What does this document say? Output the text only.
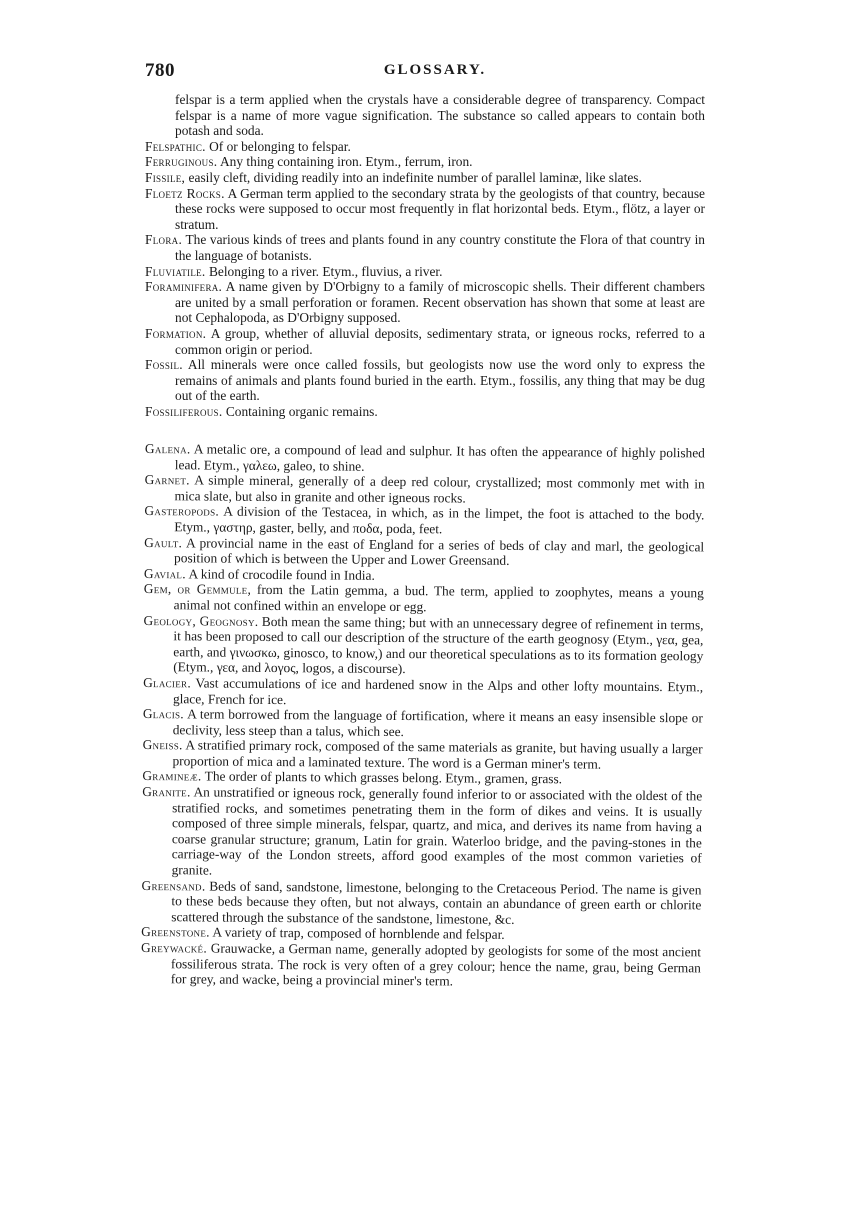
780	GLOSSARY.

felspar is a term applied when the crystals have a considerable degree of transparency. Compact felspar is a name of more vague signification. The substance so called appears to contain both potash and soda.

Felspathic. Of or belonging to felspar.

Ferruginous. Any thing containing iron. Etym., ferrum, iron.

Fissile, easily cleft, dividing readily into an indefinite number of parallel laminæ, like slates.

Floetz Rocks. A German term applied to the secondary strata by the geologists of that country, because these rocks were supposed to occur most frequently in flat horizontal beds. Etym., flötz, a layer or stratum.

Flora. The various kinds of trees and plants found in any country constitute the Flora of that country in the language of botanists.

Fluviatile. Belonging to a river. Etym., fluvius, a river.

Foraminifera. A name given by D'Orbigny to a family of microscopic shells. Their different chambers are united by a small perforation or foramen. Recent observation has shown that some at least are not Cephalopoda, as D'Orbigny supposed.

Formation. A group, whether of alluvial deposits, sedimentary strata, or igneous rocks, referred to a common origin or period.

Fossil. All minerals were once called fossils, but geologists now use the word only to express the remains of animals and plants found buried in the earth. Etym., fossilis, any thing that may be dug out of the earth.

Fossiliferous. Containing organic remains.

Galena. A metalic ore, a compound of lead and sulphur. It has often the appearance of highly polished lead. Etym., γαλεω, galeo, to shine.

Garnet. A simple mineral, generally of a deep red colour, crystallized; most commonly met with in mica slate, but also in granite and other igneous rocks.

Gasteropods. A division of the Testacea, in which, as in the limpet, the foot is attached to the body. Etym., γαστηρ, gaster, belly, and ποδα, poda, feet.

Gault. A provincial name in the east of England for a series of beds of clay and marl, the geological position of which is between the Upper and Lower Greensand.

Gavial. A kind of crocodile found in India.

Gem, or Gemmule, from the Latin gemma, a bud. The term, applied to zoophytes, means a young animal not confined within an envelope or egg.

Geology, Geognosy. Both mean the same thing; but with an unnecessary degree of refinement in terms, it has been proposed to call our description of the structure of the earth geognosy (Etym., γεα, gea, earth, and γινωσκω, ginosco, to know,) and our theoretical speculations as to its formation geology (Etym., γεα, and λογος, logos, a discourse).

Glacier. Vast accumulations of ice and hardened snow in the Alps and other lofty mountains. Etym., glace, French for ice.

Glacis. A term borrowed from the language of fortification, where it means an easy insensible slope or declivity, less steep than a talus, which see.

Gneiss. A stratified primary rock, composed of the same materials as granite, but having usually a larger proportion of mica and a laminated texture. The word is a German miner's term.

Gramineæ. The order of plants to which grasses belong. Etym., gramen, grass.

Granite. An unstratified or igneous rock, generally found inferior to or associated with the oldest of the stratified rocks, and sometimes penetrating them in the form of dikes and veins. It is usually composed of three simple minerals, felspar, quartz, and mica, and derives its name from having a coarse granular structure; granum, Latin for grain. Waterloo bridge, and the paving-stones in the carriage-way of the London streets, afford good examples of the most common varieties of granite.

Greensand. Beds of sand, sandstone, limestone, belonging to the Cretaceous Period. The name is given to these beds because they often, but not always, contain an abundance of green earth or chlorite scattered through the substance of the sandstone, limestone, &c.

Greenstone. A variety of trap, composed of hornblende and felspar.

Greywacké. Grauwacke, a German name, generally adopted by geologists for some of the most ancient fossiliferous strata. The rock is very often of a grey colour; hence the name, grau, being German for grey, and wacke, being a provincial miner's term.
